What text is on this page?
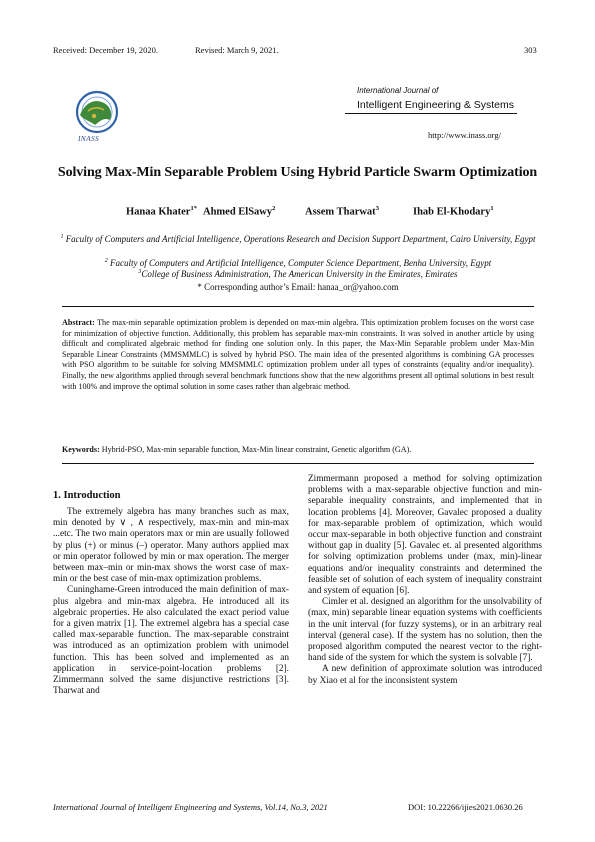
Received: December 19, 2020.	Revised: March 9, 2021.	303
INASS
International Journal of
Intelligent Engineering & Systems
http://www.inass.org/
Solving Max-Min Separable Problem Using Hybrid Particle Swarm Optimization
Hanaa Khater$^{1*}$ Ahmed ElSawy$^2$	Assem Tharwat$^3$	Ihab El-Khodary$^1$
$^1$ Faculty of Computers and Artificial Intelligence, Operations Research and Decision Support Department, Cairo University, Egypt
$^2$ Faculty of Computers and Artificial Intelligence, Computer Science Department, Benha University, Egypt
$^3$College of Business Administration, The American University in the Emirates, Emirates
* Corresponding author’s Email: hanaa_or@yahoo.com
Abstract: The max-min separable optimization problem is depended on max-min algebra. This optimization problem focuses on the worst case for minimization of objective function. Additionally, this problem has separable max-min constraints. It was solved in another article by using difficult and complicated algebraic method for finding one solution only. In this paper, the Max-Min Separable problem under Max-Min Separable Linear Constraints (MMSMMLC) is solved by hybrid PSO. The main idea of the presented algorithms is combining GA processes with PSO algorithm to be suitable for solving MMSMMLC optimization problem under all types of constraints (equality and/or inequality). Finally, the new algorithms applied through several benchmark functions show that the new algorithms present all optimal solutions in best result with 100% and improve the optimal solution in some cases rather than algebraic method.
Keywords: Hybrid-PSO, Max-min separable function, Max-Min linear constraint, Genetic algorithm (GA).
1. Introduction

The extremely algebra has many branches such as max, min denoted by ∨ , ∧ respectively, max-min and min-max ...etc. The two main operators max or min are usually followed by plus (+) or minus (–) operator. Many authors applied max or min operator followed by min or max operation. The merger between max–min or min-max shows the worst case of max-min or the best case of min-max optimization problems.

Cuninghame-Green introduced the main definition of max-plus algebra and min-max algebra. He introduced all its algebraic properties. He also calculated the exact period value for a given matrix [1]. The extremel algebra has a special case called max-separable function. The max-separable constraint was introduced as an optimization problem with unimodel function. This has been solved and implemented as an application in service-point-location problems [2]. Zimmermann solved the same disjunctive restrictions [3]. Tharwat and

Zimmermann proposed a method for solving optimization problems with a max-separable objective function and min-separable inequality constraints, and implemented that in location problems [4]. Moreover, Gavalec proposed a duality for max-separable problem of optimization, which would occur max-separable in both objective function and constraint without gap in duality [5]. Gavalec et. al presented algorithms for solving optimization problems under (max, min)-linear equations and/or inequality constraints and determined the feasible set of solution of each system of inequality constraint and system of equation [6].

Cimler et al. designed an algorithm for the unsolvability of (max, min) separable linear equation systems with coefficients in the unit interval (for fuzzy systems), or in an arbitrary real interval (general case). If the system has no solution, then the proposed algorithm computed the nearest vector to the right-hand side of the system for which the system is solvable [7].

A new definition of approximate solution was introduced by Xiao et al for the inconsistent system

International Journal of Intelligent Engineering and Systems, Vol.14, No.3, 2021	DOI: 10.22266/ijies2021.0630.26
